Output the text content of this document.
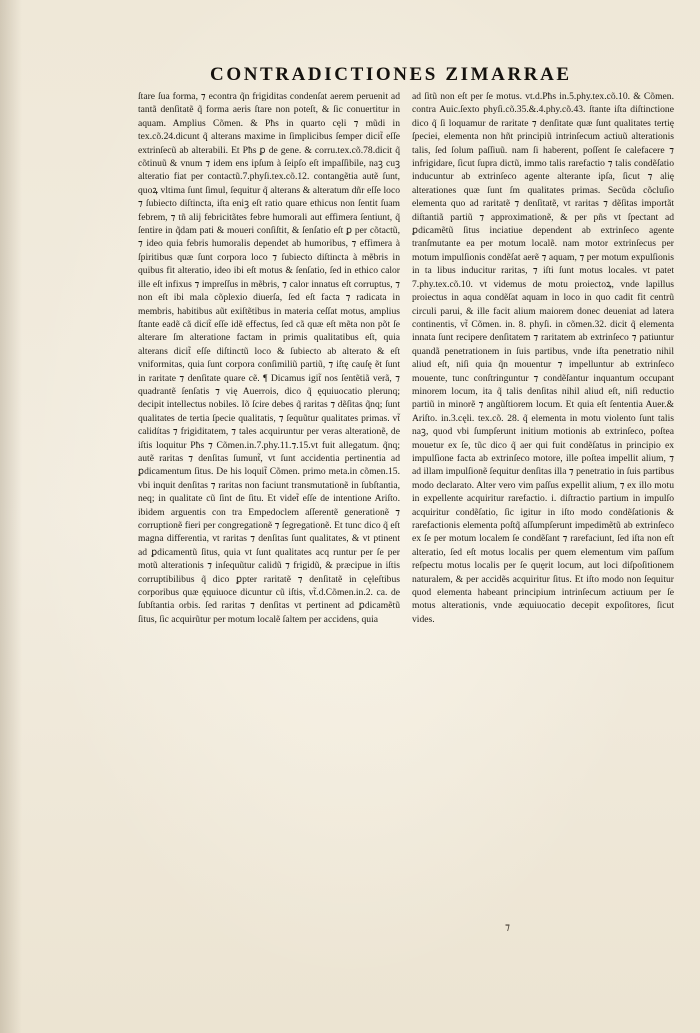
CONTRADICTIONES ZIMARRAE

ſtare ſua forma, ⁊ econtra q̃n frigiditas condenſat aerem peruenit ad tantã denſitatẽ q̃ forma aeris ſtare non poteſt, & ſic conuertitur in aquam. Amplius Cõmen. & Pħs in quarto cęli ⁊ mũdi in tex.cõ.24.dicunt q̃ alterans maxime in ſimplicibus ſemper dicit̃ eſſe extrinſecũ ab alterabili. Et Pħs ꝑ de gene. & corru.tex.cõ.78.dicit q̃ cõtinuũ & vnum ⁊ idem ens ipſum à ſeipſo eſt impaſſibile, naꝫ cuꝫ alteratio fiat per contactũ.7.phyſi.tex.cõ.12. contangẽtia autẽ ſunt, quoꝝ vltima ſunt ſimul, ſequitur q̃ alterans & alteratum dñr eſſe loco ⁊ ſubiecto diſtincta, iſta eniꝫ eſt ratio quare ethicus non ſentit ſuam febrem, ⁊ tñ alij febricitãtes febre humorali aut effimera ſentiunt, q̃ ſentire in q̃dam pati & moueri conſiſtit, & ſenſatio eſt ꝑ per cõtactũ, ⁊ ideo quia febris humoralis dependet ab humoribus, ⁊ effimera à ſpiritibus quæ ſunt corpora loco ⁊ ſubiecto diſtincta à mẽbris in quibus fit alteratio, ideo ibi eſt motus & ſenſatio, ſed in ethico calor ille eſt infixus ⁊ impreſſus in mẽbris, ⁊ calor innatus eſt corruptus, ⁊ non eſt ibi mala cõplexio diuerſa, ſed eſt facta ⁊ radicata in membris, habitibus aũt exiſtẽtibus in materia ceſſat motus, amplius ſtante eadẽ cã dicit̃ eſſe idẽ effectus, ſed cã quæ eſt mẽta non põt ſe alterare ſm alteratione factam in primis qualitatibus eſt, quia alterans dicit̃ eſſe diſtinctũ loco & ſubiecto ab alterato & eſt vniformitas, quia ſunt corpora conſimiliũ partiũ, ⁊ iſtę cauſę ẽt ſunt in raritate ⁊ denſitate quare cẽ. ¶ Dicamus igit̃ nos ſentẽtiã verã, ⁊ quadrantẽ ſenſatis ⁊ vię Auerrois, dico q̃ ęquiuocatio plerunq; decipit intellectus nobiles. Iõ ſcire debes q̃ raritas ⁊ dẽſitas q̃nq; ſunt qualitates de tertia ſpecie qualitatis, ⁊ ſequũtur qualitates primas. vt̃ calidítas ⁊ frigiditatem, ⁊ tales acquiruntur per veras alterationẽ, de iſtis loquitur Pħs ⁊ Cõmen.in.7.phy.11.⁊.15.vt fuit allegatum. q̃nq; autẽ raritas ⁊ denſitas ſumunt̃, vt ſunt accidentia pertinentia ad ꝑdicamentum ſitus. De his loquit̃ Cõmen. primo meta.in cõmen.15. vbi inquit denſitas ⁊ raritas non faciunt transmutationẽ in ſubſtantia, neq; in qualitate cũ ſint de ſitu. Et videt̃ eſſe de intentione Ariſto. ibidem arguentis con tra Empedoclem aſſerentẽ generationẽ ⁊ corruptionẽ fieri per congregationẽ ⁊ ſegregationẽ. Et tunc dico q̃ eſt magna differentia, vt raritas ⁊ denſitas ſunt qualitates, & vt ptinent ad ꝑdicamentũ ſitus, quia vt ſunt qualitates acq runtur per ſe per motũ alterationis ⁊ inſequũtur calidũ ⁊ frigidũ, & præcipue in iſtis corruptibilibus q̃ dico ꝑpter raritatẽ ⁊ denſitatẽ in cęleſtibus corporibus quæ ęquiuoce dicuntur cũ iſtis, vt̃.d.Cõmen.in.2. ca. de ſubſtantia orbis. ſed raritas ⁊ denſitas vt pertinent ad ꝑdicamẽtũ ſitus, ſic acquirũtur per motum localẽ ſaltem per accidens, quia

ad ſitũ non eſt per ſe motus. vt.d.Pħs in.5.phy.tex.cõ.10. & Cõmen. contra Auic.ſexto phyſi.cõ.35.&.4.phy.cõ.43. ſtante iſta diſtinctione dico q̃ ſi loquamur de raritate ⁊ denſitate quæ ſunt qualitates tertię ſpeciei, elementa non hñt principiũ intrinſecum actiuũ alterationis talis, ſed ſolum paſſiuũ. nam ſi haberent, poſſent ſe calefacere ⁊ infrigidare, ſicut ſupra dictũ, immo talis rarefactio ⁊ talis condẽſatio inducuntur ab extrinſeco agente alterante ipſa, ſicut ⁊ alię alterationes quæ ſunt ſm qualitates primas. Secũda cõcluſio elementa quo ad raritatẽ ⁊ denſitatẽ, vt raritas ⁊ dẽſitas importãt diſtantiã partiũ ⁊ approximationẽ, & per pñs vt ſpectant ad ꝑdicamẽtũ ſitus inciatiue dependent ab extrinſeco agente tranſmutante ea per motum localẽ. nam motor extrinſecus per motum impulſionis condẽſat aerẽ ⁊ aquam, ⁊ per motum expulſionis in ta libus inducitur raritas, ⁊ iſti ſunt motus locales. vt patet 7.phy.tex.cõ.10. vt videmus de motu proiectoꝝ, vnde lapillus proiectus in aqua condẽſat aquam in loco in quo cadit fit centrũ circuli parui, & ille facit alium maiorem donec deueniat ad latera continentis, vt̃ Cõmen. in. 8. phyſi. in cõmen.32. dicit q̃ elementa innata ſunt recipere denſitatem ⁊ raritatem ab extrinſeco ⁊ patiuntur quandã penetrationem in ſuis partibus, vnde iſta penetratio nihil aliud eſt, niſi quia q̃n mouentur ⁊ impelluntur ab extrinſeco mouente, tunc conſtringuntur ⁊ condẽſantur inquantum occupant minorem locum, ita q̃ talis denſitas nihil aliud eſt, niſi reductio partiũ in minorẽ ⁊ angũſtiorem locum. Et quia eſt ſententia Auer.& Ariſto. in.3.cęli. tex.cõ. 28. q̃ elementa in motu violento ſunt talis naꝫ, quod vbi ſumpſerunt initium motionis ab extrinſeco, poſtea mouetur ex ſe, tũc dico q̃ aer qui fuit condẽſatus in principio ex impulſione facta ab extrinſeco motore, ille poſtea impellit alium, ⁊ ad illam impulſionẽ ſequitur denſitas illa ⁊ penetratio in ſuis partibus modo declarato. Alter vero vim paſſus expellit alium, ⁊ ex illo motu in expellente acquiritur rarefactio. i. diſtractio partium in impulſo acquiritur condẽſatio, ſic igitur in iſto modo condẽſationis & rarefactionis elementa poſtq̃ aſſumpſerunt impedimẽtũ ab extrinſeco ex ſe per motum localem ſe condẽſant ⁊ rarefaciunt, ſed iſta non eſt alteratio, ſed eſt motus localis per quem elementum vim paſſum reſpectu motus localis per ſe quęrit locum, aut loci diſpoſitionem naturalem, & per accidẽs acquiritur ſitus. Et iſto modo non ſequitur quod elementa habeant principium intrinſecum actiuum per ſe motus alterationis, vnde æquiuocatio decepit expoſitores, ſicut vides.

⁊
